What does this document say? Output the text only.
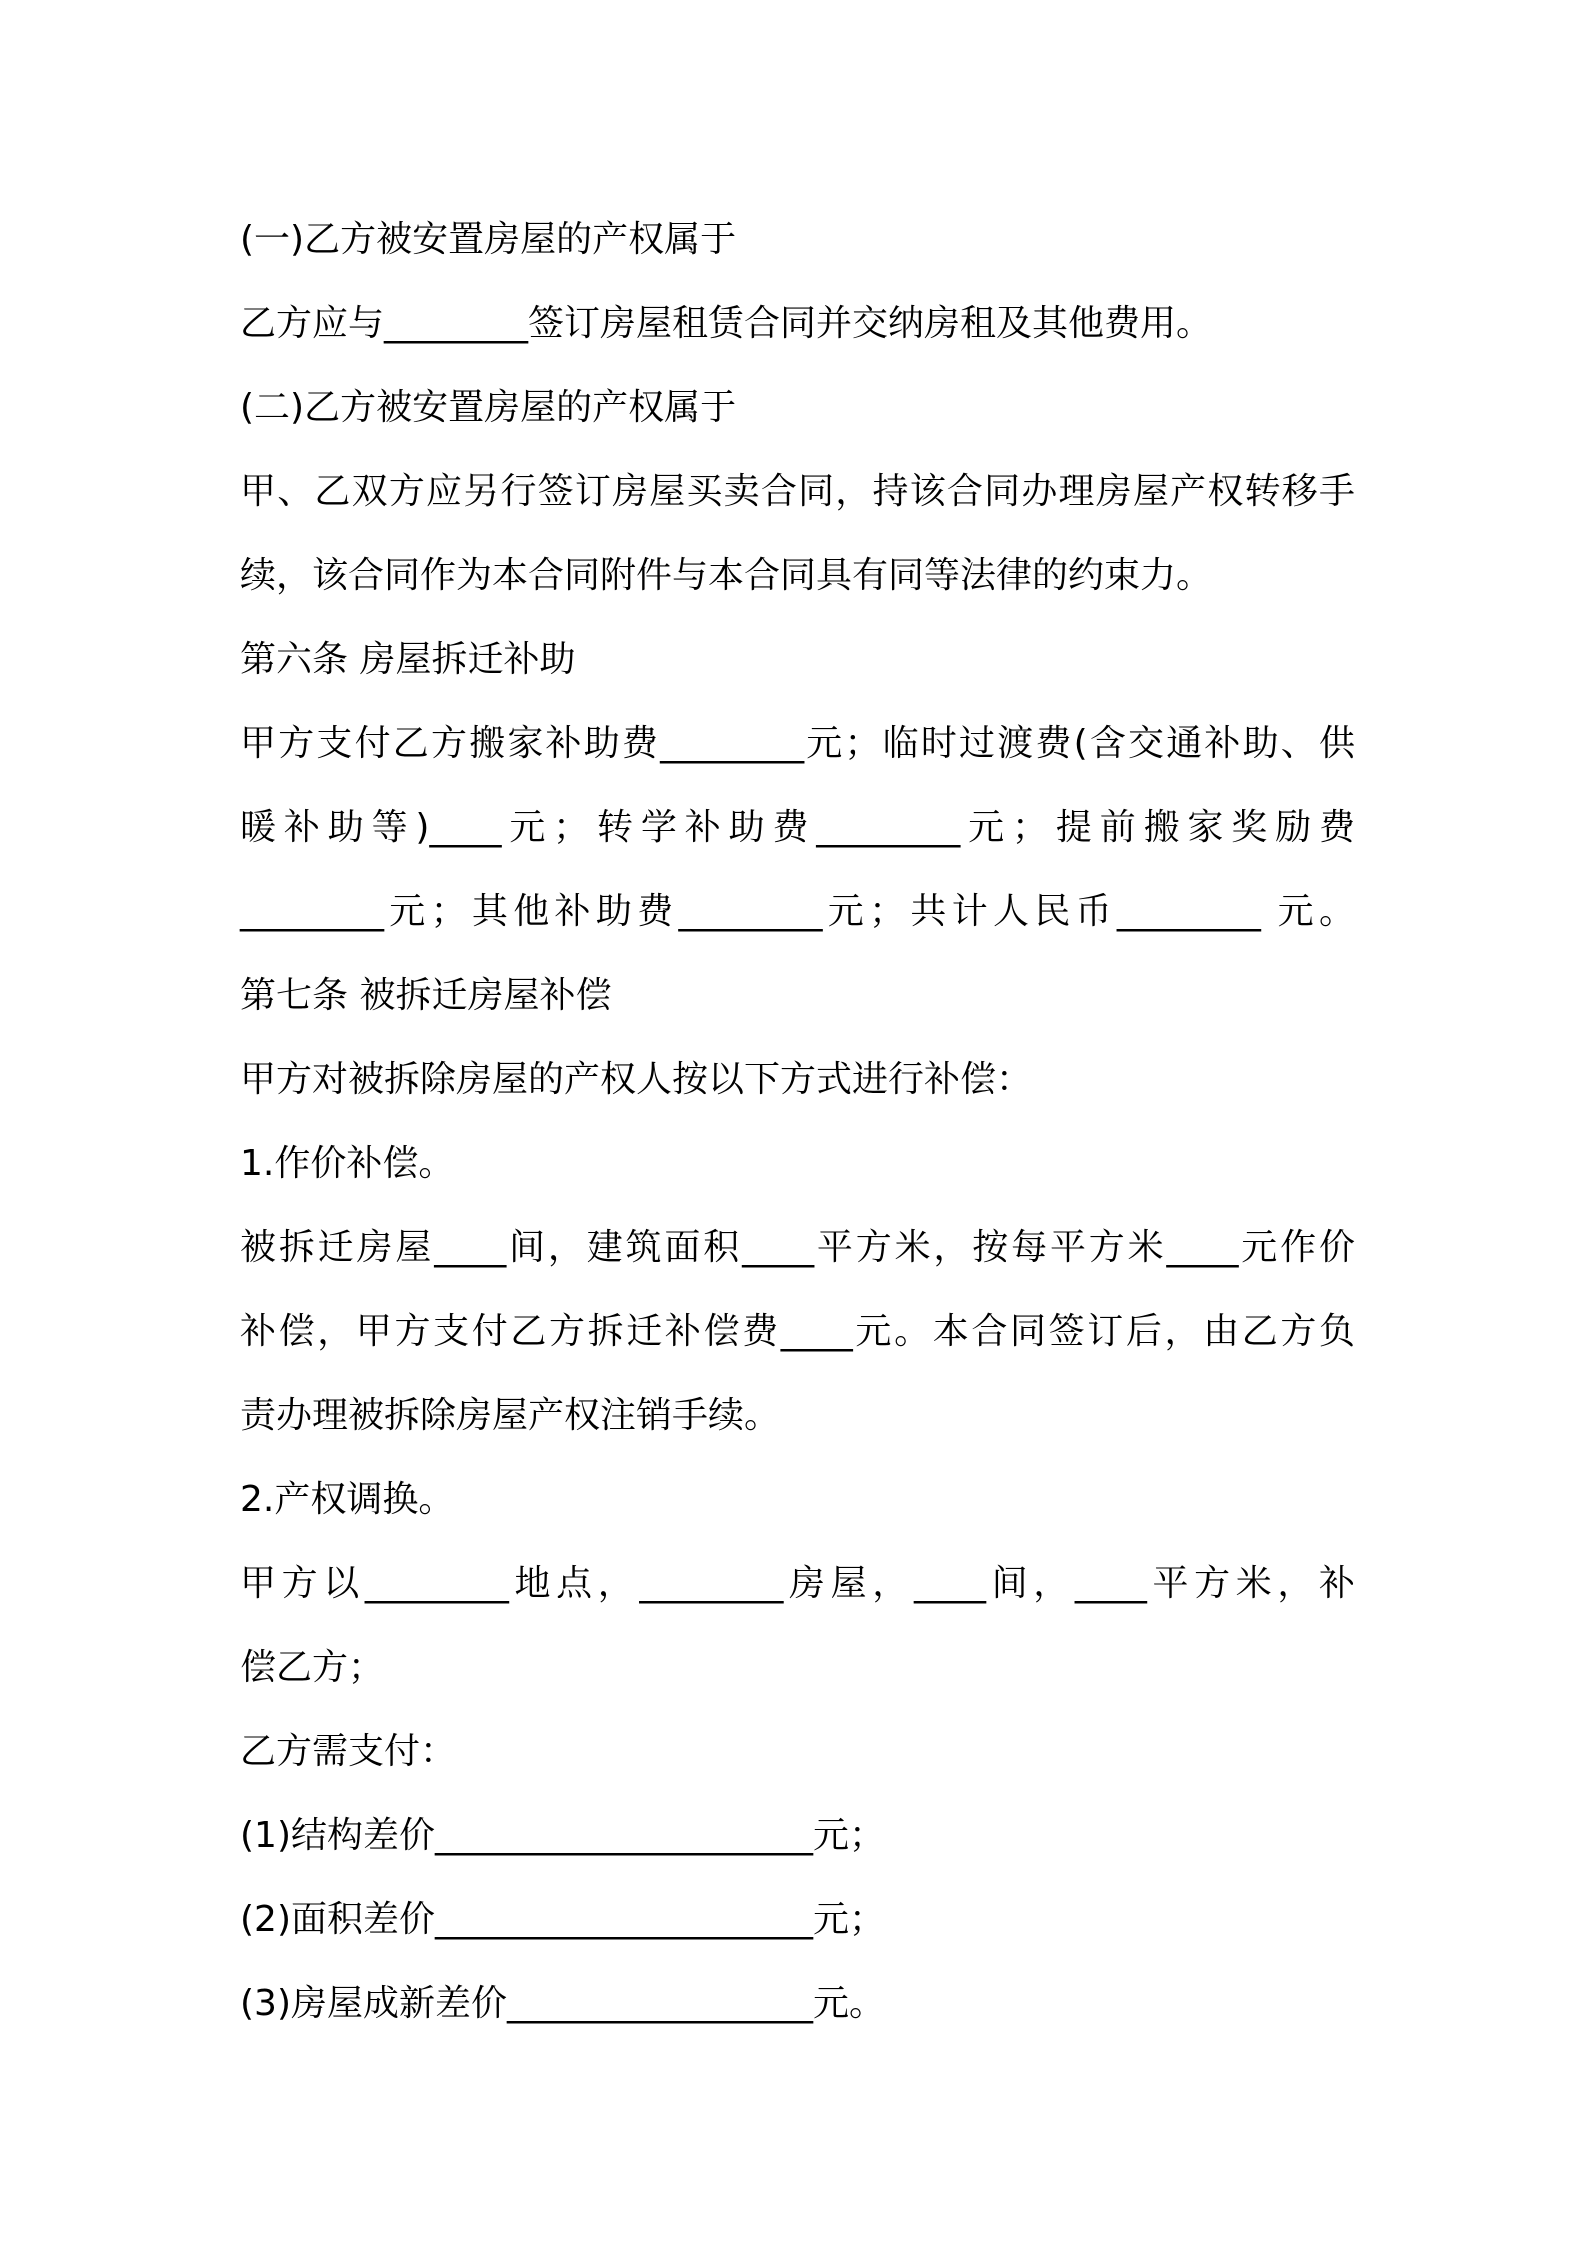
(一)乙方被安置房屋的产权属于

乙方应与________签订房屋租赁合同并交纳房租及其他费用。

(二)乙方被安置房屋的产权属于

甲、乙双方应另行签订房屋买卖合同，持该合同办理房屋产权转移手

续，该合同作为本合同附件与本合同具有同等法律的约束力。

第六条 房屋拆迁补助

甲方支付乙方搬家补助费________元；临时过渡费(含交通补助、供

暖补助等)____元；转学补助费________元；提前搬家奖励费

________元；其他补助费________元；共计人民币________ 元。

第七条 被拆迁房屋补偿

甲方对被拆除房屋的产权人按以下方式进行补偿：

1.作价补偿。

被拆迁房屋____间，建筑面积____平方米，按每平方米____元作价

补偿，甲方支付乙方拆迁补偿费____元。本合同签订后，由乙方负

责办理被拆除房屋产权注销手续。

2.产权调换。

甲方以________地点，________房屋，____间，____平方米，补

偿乙方；

乙方需支付：

(1)结构差价_____________________元；

(2)面积差价_____________________元；

(3)房屋成新差价_________________元。
